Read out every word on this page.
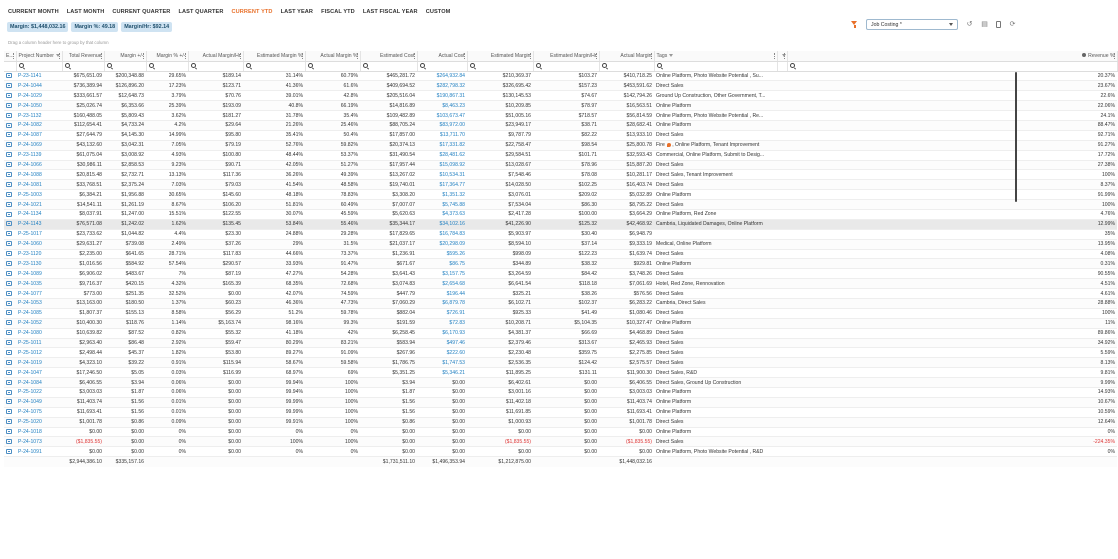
CURRENT MONTH LAST MONTH CURRENT QUARTER LAST QUARTER CURRENT YTD LAST YEAR FISCAL YTD LAST FISCAL YEAR CUSTOM
Margin: $1,448,032.16	Margin %: 49.18	Margin/Hr: $92.14
Drag a column header here to group by that column
Job Costing *	↺ ▤	⟳
E...	Project Number	Total Revenue	Margin +/-	Margin % +/-	Actual Margin/Hr	Estimated Margin %	Actual Margin %	Estimated Cost	Actual Cost	Estimated Margin	Estimated Margin/Hr	Actual Margin	Tags		Revenue %

	P-23-1141	$675,651.09	$200,348.88	29.65%	$189.14	31.14%	60.79%	$465,281.72	$264,932.84	$210,369.37	$103.27	$410,718.25	Online Platform, Photo Website Potential , Su...		20.37%
	P-24-1044	$736,389.94	$126,896.20	17.23%	$123.71	41.36%	61.6%	$409,694.52	$282,798.32	$326,695.42	$157.23	$453,591.62	Direct Sales		23.67%
	P-24-1029	$333,661.57	$12,648.73	3.79%	$70.76	39.01%	42.8%	$205,516.04	$190,867.31	$130,145.53	$74.67	$142,794.26	Ground Up Construction, Other Government, T...		22.6%
	P-24-1050	$25,026.74	$6,353.66	25.39%	$193.09	40.8%	66.19%	$14,816.89	$8,463.23	$10,209.85	$78.97	$16,563.51	Online Platform		22.06%
	P-23-1132	$160,488.05	$5,809.43	3.62%	$181.27	31.78%	35.4%	$109,482.89	$103,673.47	$51,005.16	$718.57	$56,814.59	Online Platform, Photo Website Potential , Re...		24.1%
	P-24-1082	$112,654.41	$4,733.24	4.2%	$29.64	21.26%	25.46%	$88,705.24	$83,972.00	$23,949.17	$38.71	$28,682.41	Online Platform		88.47%
	P-24-1087	$27,644.79	$4,145.30	14.99%	$95.80	35.41%	50.4%	$17,857.00	$13,711.70	$9,787.79	$82.22	$13,933.10	Direct Sales		92.71%
	P-24-1069	$43,132.60	$3,042.31	7.05%	$79.19	52.76%	59.82%	$20,374.13	$17,331.82	$22,758.47	$98.54	$25,800.78	Fire , Online Platform, Tenant Improvement		91.27%
	P-23-1139	$61,075.04	$3,008.92	4.93%	$100.80	48.44%	53.37%	$31,490.54	$28,481.62	$29,584.51	$101.71	$32,593.43	Commercial, Online Platform, Submit to Desig...		17.72%
	P-24-1066	$30,986.11	$2,858.53	9.23%	$90.71	42.05%	51.27%	$17,957.44	$15,098.92	$13,028.67	$78.96	$15,887.20	Direct Sales		27.38%
	P-24-1088	$20,815.48	$2,732.71	13.13%	$117.36	36.26%	49.39%	$13,267.02	$10,534.31	$7,548.46	$78.08	$10,281.17	Direct Sales, Tenant Improvement		100%
	P-24-1081	$33,768.51	$2,375.24	7.03%	$79.03	41.54%	48.58%	$19,740.01	$17,364.77	$14,028.50	$102.25	$16,403.74	Direct Sales		8.37%
	P-25-1003	$6,384.21	$1,956.88	30.65%	$145.60	48.18%	78.83%	$3,308.20	$1,351.32	$3,076.01	$209.02	$5,032.89	Online Platform		91.99%
	P-24-1021	$14,541.11	$1,261.19	8.67%	$106.20	51.81%	60.49%	$7,007.07	$5,745.88	$7,534.04	$86.30	$8,795.22	Direct Sales		100%
	P-24-1134	$8,037.91	$1,247.00	15.51%	$122.55	30.07%	45.59%	$5,620.63	$4,373.63	$2,417.28	$100.00	$3,664.29	Online Platform, Red Zone		4.76%
	P-24-1143	$76,571.08	$1,242.02	1.62%	$135.45	53.84%	55.46%	$35,344.17	$34,102.16	$41,226.90	$125.32	$42,468.92	Cambria, Liquidated Damages, Online Platform		12.99%
	P-25-1017	$23,733.62	$1,044.82	4.4%	$23.30	24.88%	29.28%	$17,829.65	$16,784.83	$5,903.97	$30.40	$6,948.79			35%
	P-24-1060	$29,631.27	$739.08	2.49%	$37.26	29%	31.5%	$21,037.17	$20,298.09	$8,594.10	$37.14	$9,333.19	Medical, Online Platform		13.95%
	P-23-1120	$2,235.00	$641.65	28.71%	$117.83	44.66%	73.37%	$1,236.91	$595.26	$998.09	$122.23	$1,639.74	Direct Sales		4.08%
	P-23-1130	$1,016.56	$584.92	57.54%	$290.57	33.93%	91.47%	$671.67	$86.75	$344.89	$38.32	$929.81	Online Platform		0.31%
	P-24-1089	$6,906.02	$483.67	7%	$87.19	47.27%	54.28%	$3,641.43	$3,157.75	$3,264.59	$84.42	$3,748.26	Direct Sales		90.55%
	P-24-1035	$9,716.37	$420.15	4.32%	$165.39	68.35%	72.68%	$3,074.83	$2,654.68	$6,641.54	$118.18	$7,061.69	Hotel, Red Zone, Rennovation		4.51%
	P-24-1077	$773.00	$251.35	32.52%	$0.00	42.07%	74.59%	$447.79	$196.44	$325.21	$38.26	$576.56	Direct Sales		4.61%
	P-24-1053	$13,163.00	$180.50	1.37%	$60.23	46.36%	47.73%	$7,060.29	$6,879.78	$6,102.71	$102.37	$6,283.22	Cambria, Direct Sales		28.88%
	P-24-1085	$1,807.37	$155.13	8.58%	$56.29	51.2%	59.78%	$882.04	$726.91	$925.33	$41.49	$1,080.46	Direct Sales		100%
	P-24-1052	$10,400.30	$118.76	1.14%	$5,163.74	98.16%	99.3%	$191.59	$72.83	$10,208.71	$5,104.35	$10,327.47	Online Platform		11%
	P-24-1080	$10,639.82	$87.52	0.82%	$55.32	41.18%	42%	$6,258.45	$6,170.93	$4,381.37	$66.69	$4,468.89	Direct Sales		89.86%
	P-25-1011	$2,963.40	$86.48	2.92%	$59.47	80.29%	83.21%	$583.94	$497.46	$2,379.46	$313.67	$2,465.93	Direct Sales		34.92%
	P-25-1012	$2,498.44	$45.37	1.82%	$53.80	89.27%	91.09%	$267.96	$222.60	$2,230.48	$359.75	$2,275.85	Direct Sales		5.59%
	P-24-1019	$4,323.10	$39.22	0.91%	$115.94	58.67%	59.58%	$1,786.75	$1,747.53	$2,536.35	$124.42	$2,575.57	Direct Sales		8.13%
	P-24-1047	$17,246.50	$5.05	0.03%	$116.99	68.97%	69%	$5,351.25	$5,346.21	$11,895.25	$131.11	$11,900.30	Direct Sales, R&D		9.81%
	P-24-1084	$6,406.55	$3.94	0.06%	$0.00	99.94%	100%	$3.94	$0.00	$6,402.61	$0.00	$6,406.55	Direct Sales, Ground Up Construction		9.99%
	P-25-1022	$3,003.03	$1.87	0.06%	$0.00	99.94%	100%	$1.87	$0.00	$3,001.16	$0.00	$3,003.03	Online Platform		14.93%
	P-24-1049	$11,403.74	$1.56	0.01%	$0.00	99.99%	100%	$1.56	$0.00	$11,402.18	$0.00	$11,403.74	Online Platform		10.67%
	P-24-1075	$11,693.41	$1.56	0.01%	$0.00	99.99%	100%	$1.56	$0.00	$11,691.85	$0.00	$11,693.41	Online Platform		10.59%
	P-25-1020	$1,001.78	$0.86	0.09%	$0.00	99.91%	100%	$0.86	$0.00	$1,000.93	$0.00	$1,001.78	Direct Sales		12.64%
	P-24-1018	$0.00	$0.00	0%	$0.00	0%	0%	$0.00	$0.00	$0.00	$0.00	$0.00	Online Platform		0%
	P-24-1073	($1,835.55)	$0.00	0%	$0.00	100%	100%	$0.00	$0.00	($1,835.55)	$0.00	($1,835.55)	Direct Sales		-224.35%
	P-24-1091	$0.00	$0.00	0%	$0.00	0%	0%	$0.00	$0.00	$0.00	$0.00	$0.00	Online Platform, Photo Website Potential , R&D		0%
		$2,944,386.10	$335,157.16					$1,731,511.10	$1,496,353.94	$1,212,875.00		$1,448,032.16			
